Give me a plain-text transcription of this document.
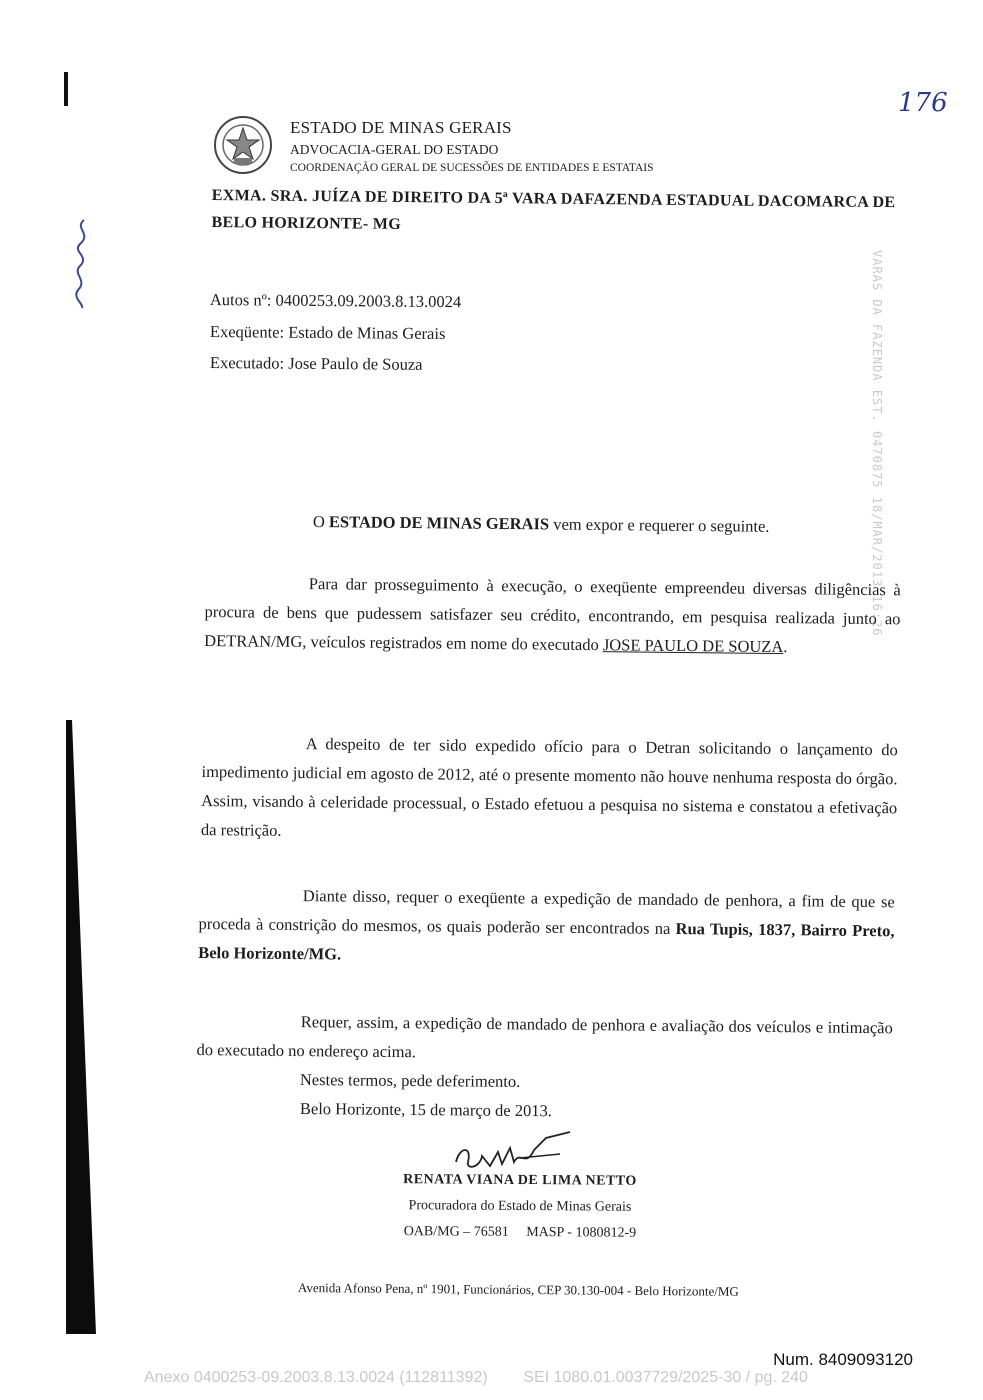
176
ESTADO DE MINAS GERAIS
ADVOCACIA-GERAL DO ESTADO
COORDENAÇÃO GERAL DE SUCESSÕES DE ENTIDADES E ESTATAIS
EXMA. SRA. JUÍZA DE DIREITO DA 5ª VARA DAFAZENDA ESTADUAL DACOMARCA DE BELO HORIZONTE- MG
Autos nº: 0400253.09.2003.8.13.0024
Exeqüente: Estado de Minas Gerais
Executado: Jose Paulo de Souza	VARAS DA FAZENDA EST. 0470875 18/MAR/2013 16:26
O ESTADO DE MINAS GERAIS vem expor e requerer o seguinte.
Para dar prosseguimento à execução, o exeqüente empreendeu diversas diligências à procura de bens que pudessem satisfazer seu crédito, encontrando, em pesquisa realizada junto ao DETRAN/MG, veículos registrados em nome do executado JOSE PAULO DE SOUZA.
A despeito de ter sido expedido ofício para o Detran solicitando o lançamento do impedimento judicial em agosto de 2012, até o presente momento não houve nenhuma resposta do órgão. Assim, visando à celeridade processual, o Estado efetuou a pesquisa no sistema e constatou a efetivação da restrição.
Diante disso, requer o exeqüente a expedição de mandado de penhora, a fim de que se proceda à constrição do mesmos, os quais poderão ser encontrados na Rua Tupis, 1837, Bairro Preto, Belo Horizonte/MG.
Requer, assim, a expedição de mandado de penhora e avaliação dos veículos e intimação do executado no endereço acima.
Nestes termos, pede deferimento.
Belo Horizonte, 15 de março de 2013.
RENATA VIANA DE LIMA NETTO
Procuradora do Estado de Minas Gerais
OAB/MG – 76581     MASP - 1080812-9
Avenida Afonso Pena, nº 1901, Funcionários, CEP 30.130-004 - Belo Horizonte/MG
Num. 8409093120
Anexo 0400253-09.2003.8.13.0024 (112811392)        SEI 1080.01.0037729/2025-30 / pg. 240
